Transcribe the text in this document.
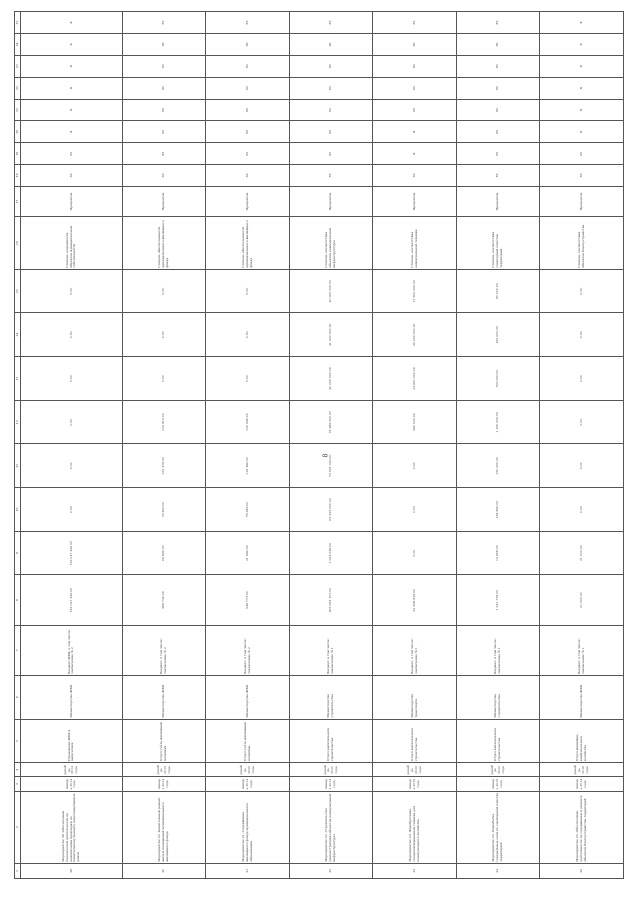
8
1	2	3	4	5	6	7	8	9	10	11	12	13	14	15	16	17	18	19	20	21	22	23	24	25
39	Мероприятие 39. Обеспечение показателей деятельности по компенсации прокладки по капитальному ремонту многоквартирных домов	январь 2014 года	декабрь 2014 года	Управление ЖКХ и энергетики	Министерство ЖКХ	Бюджет ЖКХ, в том числе: заключение № 2	155 047 436,00	155 047 436,00	0,00	0,00	0,00	0,00	0,00	0,00	Степень сохранности объектов муниципальной собственности	Процентов	85	85	Х	Х	Х	Х	Х	Х
40	Мероприятие 40. Капитальный ремонт жилых помещений муниципального жилищного фонда	январь 2014 года	декабрь 2015 года	Отдел учёта жилищной политики	Министерство ЖКХ	Бюджет, в том числе: заключение № 2	389 740,06	69 896,00	79 450,00	125 479,00	124 915,00	0,00	0,00	0,00	Степень обеспеченности муниципального жилищного фонда	Процентов	85	85	85	85	85	85	85	85
41	Мероприятие 41. Содержание жилищного фонда муниципального образования	январь 2014 года	декабрь 2020 года	Отдел учёта жилищной политики	Министерство ЖКХ	Бюджет, в том числе: заключение № 2	549 773,00	21 894,00	78 383,00	119 496,00	120 596,00	0,00	0,00	0,00	Степень обеспеченности муниципального жилищного фонда	Процентов	85	85	85	85	85	85	85	85
42	Мероприятие 42. Строительство (реконструкция) объектов коммунальной инфраструктуры	январь 2014 года	декабрь 2020 года	Отдел капитального строительства	Министерство строительства	Бюджет, в том числе: заключение № 1	303 633 107,00	1 064 638,00	63 553 000,00	73 541 060,00	79 289 000,00	50 000 000,00	41 400 000,00	40 000 000,00	Степень соответствия объектов коммунальной инфраструктуры	Процентов	85	85	85	85	85	85	85	85
43	Мероприятие 43. Приобретение специализированной техники для коммунального хозяйства	январь 2015 года	декабрь 2020 года	Отдел капитального строительства	Министерство транспорта	Бюджет, в том числе: заключение № 1	81 959 819,00	0,00	0,00	0,00	580 000,00	24 861 000,00	40 000 000,00	17 500 000,00	Степень соответствия коммунальной техники	Процентов	85	Х	Х	85	85	85	85	85
44	Мероприятие 44. Разработка генеральных схем по санитарной очистке территорий	январь 2016 года	декабрь 2020 года	Отдел капитального строительства	Министерство строительства	Бюджет, в том числе: заключение № 1	1 641 779,00	13 808,00	184 890,00	150 000,00	1 160 000,00	500 000,00	165 000,00	80 000,00	Степень соответствия санитарной очистки территорий	Процентов	85	85	85	85	85	85	85	85
45	Мероприятие 45. Обеспечение деятельности по содержанию и ремонту объектов благоустройства территорий	январь 2014 года	декабрь 2016 года	Отдел жилищно-коммунального хозяйства	Министерство ЖКХ	Бюджет, в том числе: заключение № 1	21 000,00	21 000,00	0,00	0,00	0,00	0,00	0,00	0,00	Степень соответствия объектов благоустройства	Процентов	85	85	Х	Х	Х	Х	Х	Х
